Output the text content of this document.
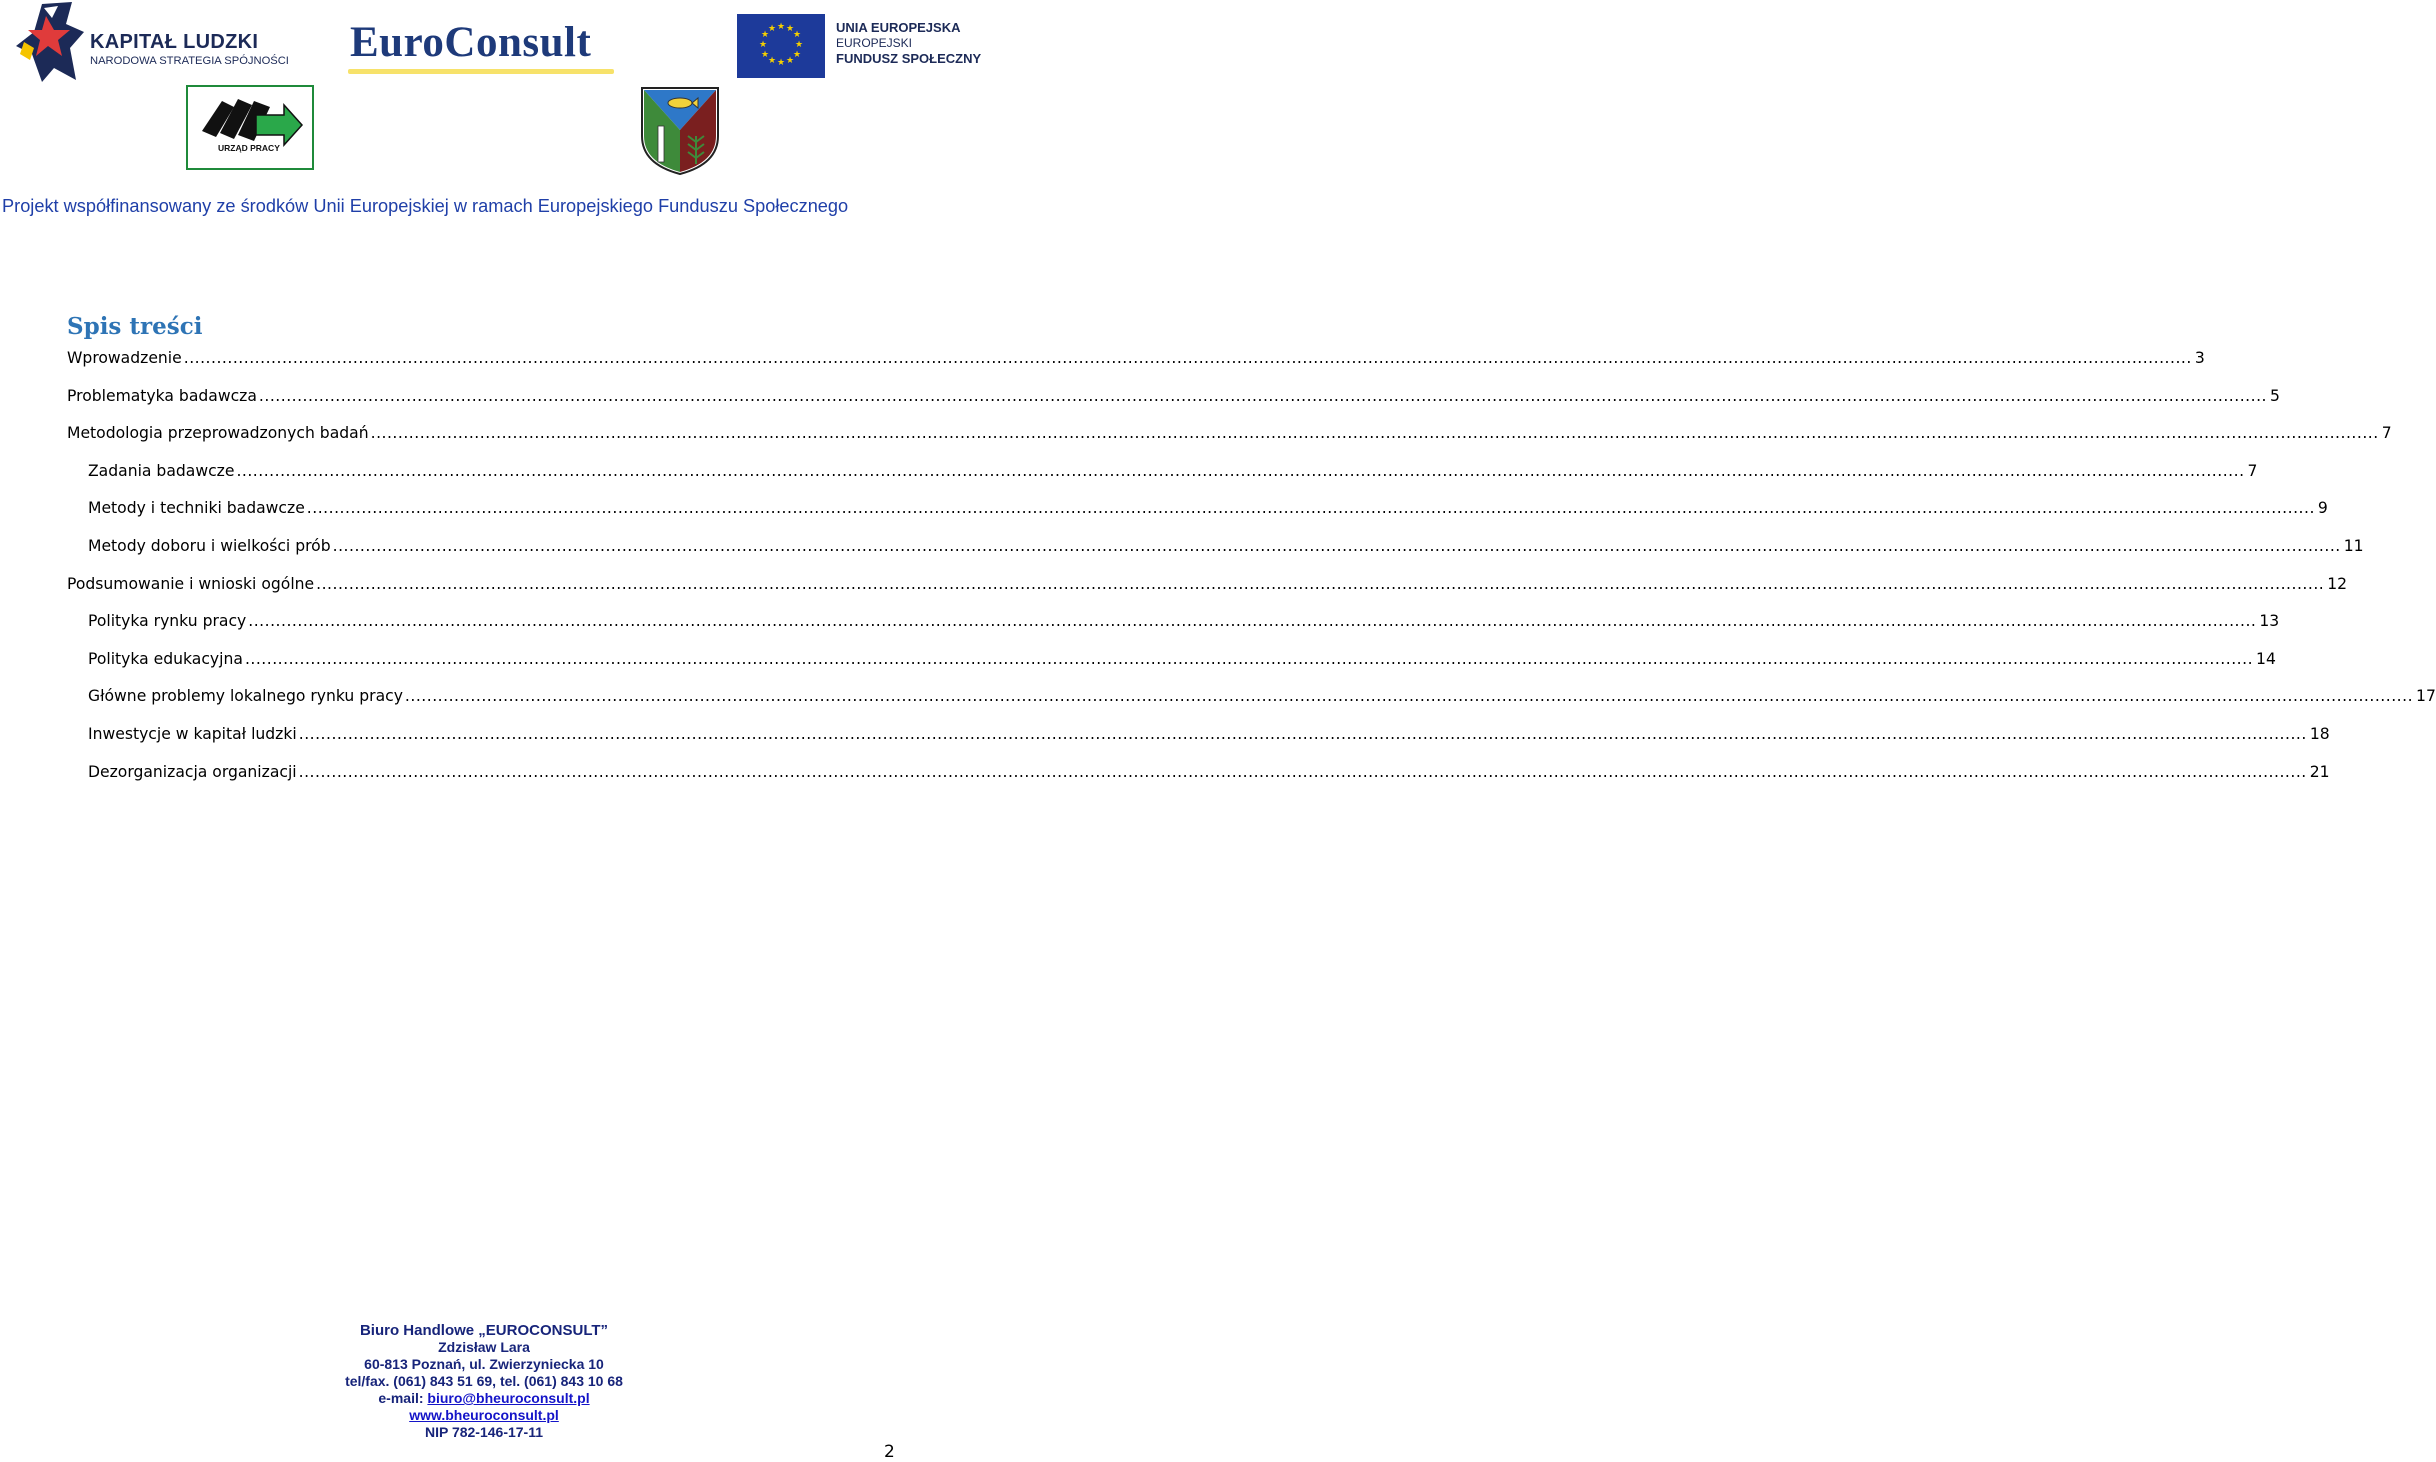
KAPITAŁ LUDZKI
NARODOWA STRATEGIA SPÓJNOŚCI EuroConsult	★ ★
★
★
★
★
★
★
★
★
★
★	UNIA EUROPEJSKA
EUROPEJSKI
FUNDUSZ SPOŁECZNY
URZĄD PRACY
Projekt współfinansowany ze środków Unii Europejskiej w ramach Europejskiego Funduszu Społecznego
Spis treści
Wprowadzenie .....	3
Problematyka badawcza .....	5
Metodologia przeprowadzonych badań .....	7
Zadania badawcze .....	7
Metody i techniki badawcze .....	9
Metody doboru i wielkości prób .....	11
Podsumowanie i wnioski ogólne .....	12
Polityka rynku pracy .....	13
Polityka edukacyjna .....	14
Główne problemy lokalnego rynku pracy .....	17
Inwestycje w kapitał ludzki .....	18
Dezorganizacja organizacji .....	21
Biuro Handlowe „EUROCONSULT”
Zdzisław Lara
60-813 Poznań, ul. Zwierzyniecka 10
tel/fax. (061) 843 51 69, tel. (061) 843 10 68
e-mail: biuro@bheuroconsult.pl
www.bheuroconsult.pl
NIP 782-146-17-11
2
